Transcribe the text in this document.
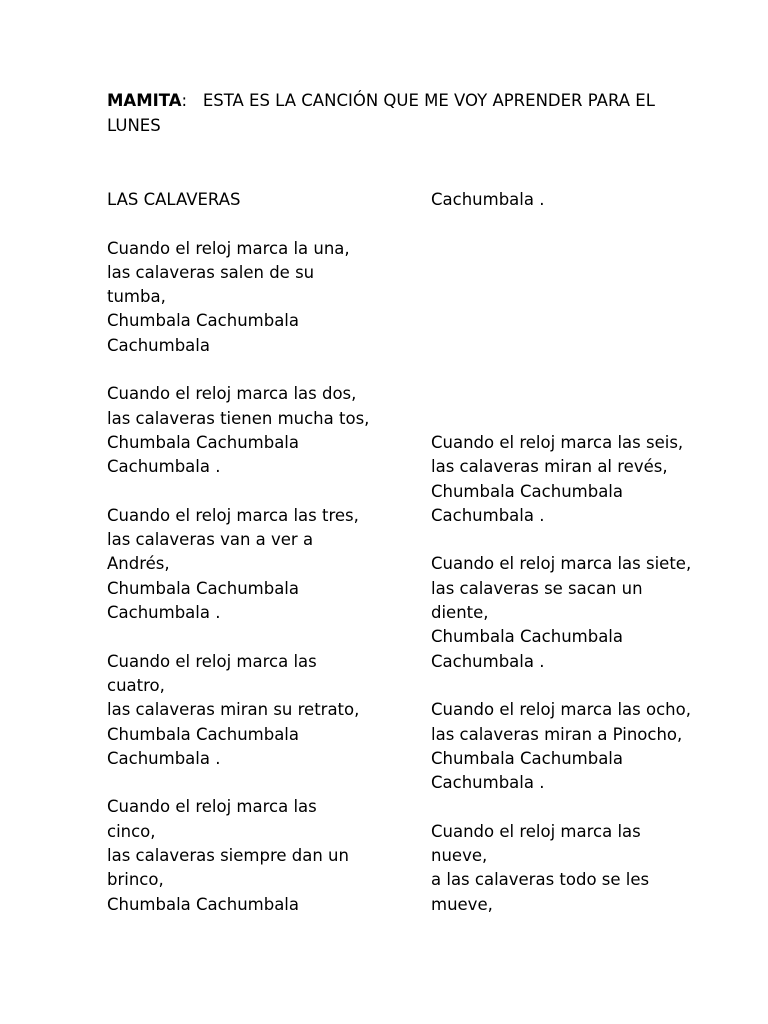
MAMITA: ESTA ES LA CANCIÓN QUE ME VOY APRENDER PARA EL
LUNES
LAS CALAVERAS
Cuando el reloj marca la una,
las calaveras salen de su
tumba,
Chumbala Cachumbala
Cachumbala
Cuando el reloj marca las dos,
las calaveras tienen mucha tos,
Chumbala Cachumbala
Cachumbala .
Cuando el reloj marca las tres,
las calaveras van a ver a
Andrés,
Chumbala Cachumbala
Cachumbala .
Cuando el reloj marca las
cuatro,
las calaveras miran su retrato,
Chumbala Cachumbala
Cachumbala .
Cuando el reloj marca las
cinco,
las calaveras siempre dan un
brinco,
Chumbala Cachumbala
Cachumbala .
Cuando el reloj marca las seis,
las calaveras miran al revés,
Chumbala Cachumbala
Cachumbala .
Cuando el reloj marca las siete,
las calaveras se sacan un
diente,
Chumbala Cachumbala
Cachumbala .
Cuando el reloj marca las ocho,
las calaveras miran a Pinocho,
Chumbala Cachumbala
Cachumbala .
Cuando el reloj marca las
nueve,
a las calaveras todo se les
mueve,
